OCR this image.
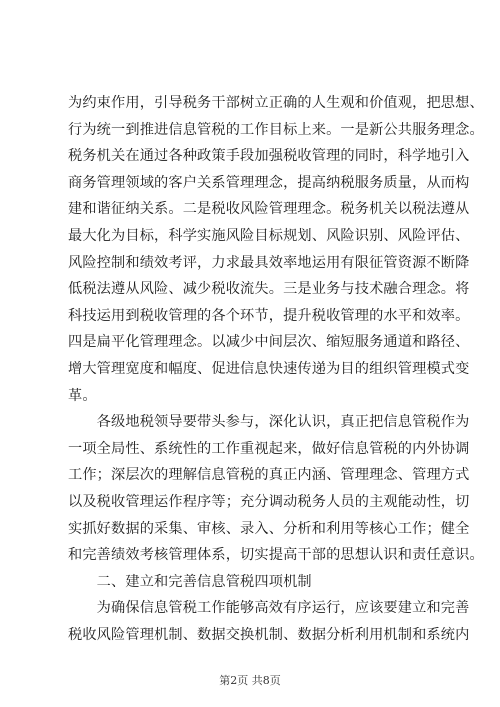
为约束作用，引导税务干部树立正确的人生观和价值观，把思想、
行为统一到推进信息管税的工作目标上来。一是新公共服务理念。
税务机关在通过各种政策手段加强税收管理的同时，科学地引入
商务管理领域的客户关系管理理念，提高纳税服务质量，从而构
建和谐征纳关系。二是税收风险管理理念。税务机关以税法遵从
最大化为目标，科学实施风险目标规划、风险识别、风险评估、
风险控制和绩效考评，力求最具效率地运用有限征管资源不断降
低税法遵从风险、减少税收流失。三是业务与技术融合理念。将
科技运用到税收管理的各个环节，提升税收管理的水平和效率。
四是扁平化管理理念。以减少中间层次、缩短服务通道和路径、
增大管理宽度和幅度、促进信息快速传递为目的组织管理模式变
革。
　　各级地税领导要带头参与，深化认识，真正把信息管税作为
一项全局性、系统性的工作重视起来，做好信息管税的内外协调
工作；深层次的理解信息管税的真正内涵、管理理念、管理方式
以及税收管理运作程序等；充分调动税务人员的主观能动性，切
实抓好数据的采集、审核、录入、分析和利用等核心工作；健全
和完善绩效考核管理体系，切实提高干部的思想认识和责任意识。
　　二、建立和完善信息管税四项机制
　　为确保信息管税工作能够高效有序运行，应该要建立和完善
税收风险管理机制、数据交换机制、数据分析利用机制和系统内
第2页 共8页
